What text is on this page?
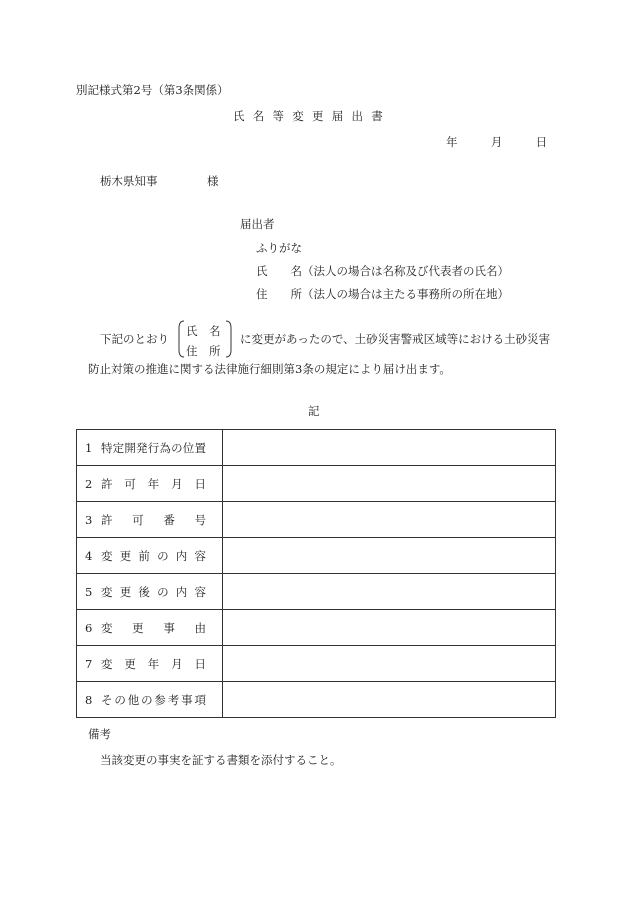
別記様式第2号（第3条関係）
氏 名 等 変 更 届 出 書
年	月	日
栃木県知事	様
届出者
ふりがな
氏　　名（法人の場合は名称及び代表者の氏名）
住　　所（法人の場合は主たる事務所の所在地）
下記のとおり
氏　名
住　所
に変更があったので、土砂災害警戒区域等における土砂災害
防止対策の推進に関する法律施行細則第3条の規定により届け出ます。
記
1 特定開発行為の位置	
2 許可年月日	
3 許可番号	
4 変更前の内容	
5 変更後の内容	
6 変更事由	
7 変更年月日	
8 その他の参考事項	
備考
当該変更の事実を証する書類を添付すること。
